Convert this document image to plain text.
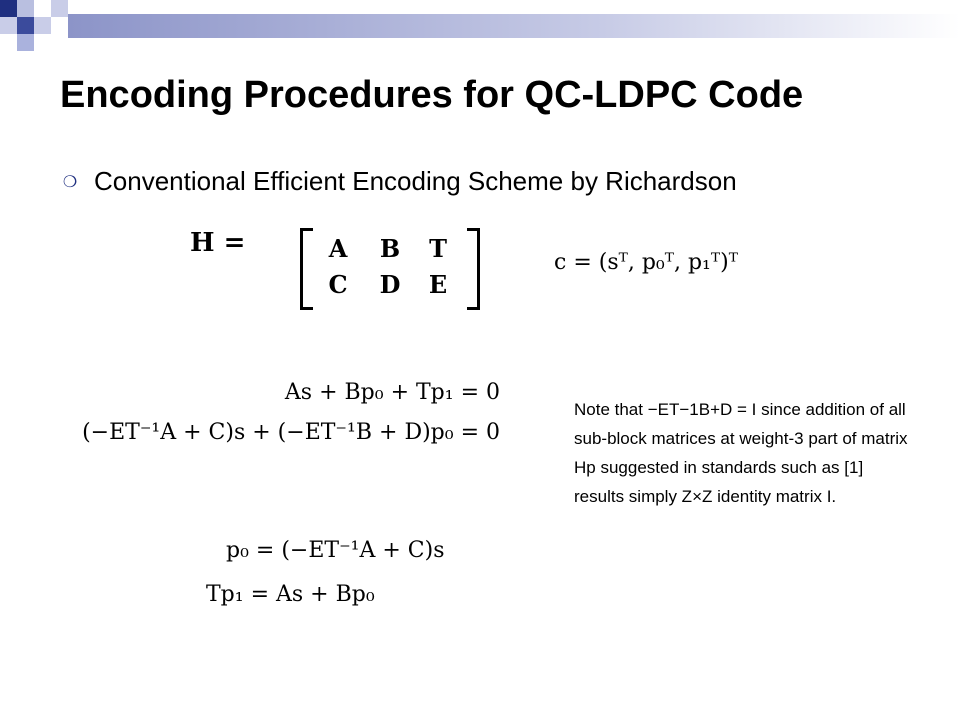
Encoding Procedures for QC-LDPC Code
❍ Conventional Efficient Encoding Scheme by Richardson
H =	A	B	T
C	D	E
c = (sᵀ, p₀ᵀ, p₁ᵀ)ᵀ
As + Bp₀ + Tp₁ = 0
(−ET⁻¹A + C)s + (−ET⁻¹B + D)p₀ = 0
p₀ = (−ET⁻¹A + C)s
Tp₁ = As + Bp₀
Note that −ET−1B+D = I since addition of all sub-block matrices at weight-3 part of matrix Hp suggested in standards such as [1] results simply Z×Z identity matrix I.
